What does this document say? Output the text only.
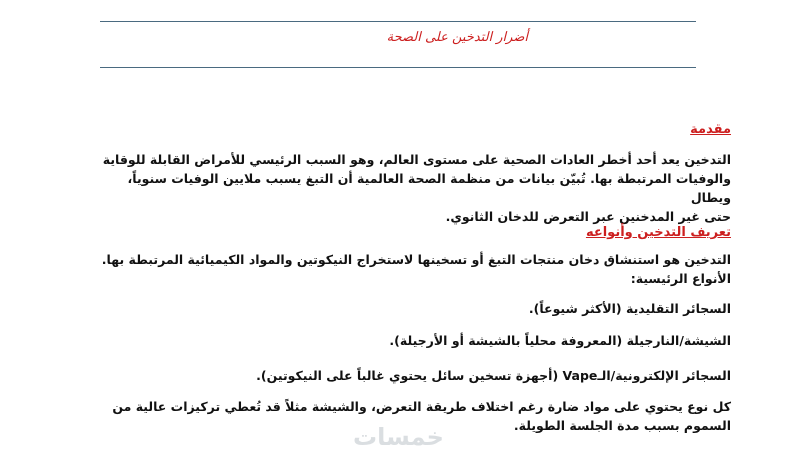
أضرار التدخين على الصحة
مقدمة

التدخين يعد أحد أخطر العادات الصحية على مستوى العالم، وهو السبب الرئيسي للأمراض القابلة للوقاية
والوفيات المرتبطة بها. تُبيّن بيانات من منظمة الصحة العالمية أن التبغ يسبب ملايين الوفيات سنوياً، ويطال
حتى غير المدخنين عبر التعرض للدخان الثانوي.

تعريف التدخين وأنواعه

التدخين هو استنشاق دخان منتجات التبغ أو تسخينها لاستخراج النيكوتين والمواد الكيميائية المرتبطة بها.
الأنواع الرئيسية:

السجائر التقليدية (الأكثر شيوعاً).

الشيشة/النارجيلة (المعروفة محلياً بالشيشة أو الأرجيلة).

السجائر الإلكترونية/الـVape (أجهزة تسخين سائل يحتوي غالباً على النيكوتين).

كل نوع يحتوي على مواد ضارة رغم اختلاف طريقة التعرض، والشيشة مثلاً قد تُعطي تركيزات عالية من
السموم بسبب مدة الجلسة الطويلة.

خمسات
